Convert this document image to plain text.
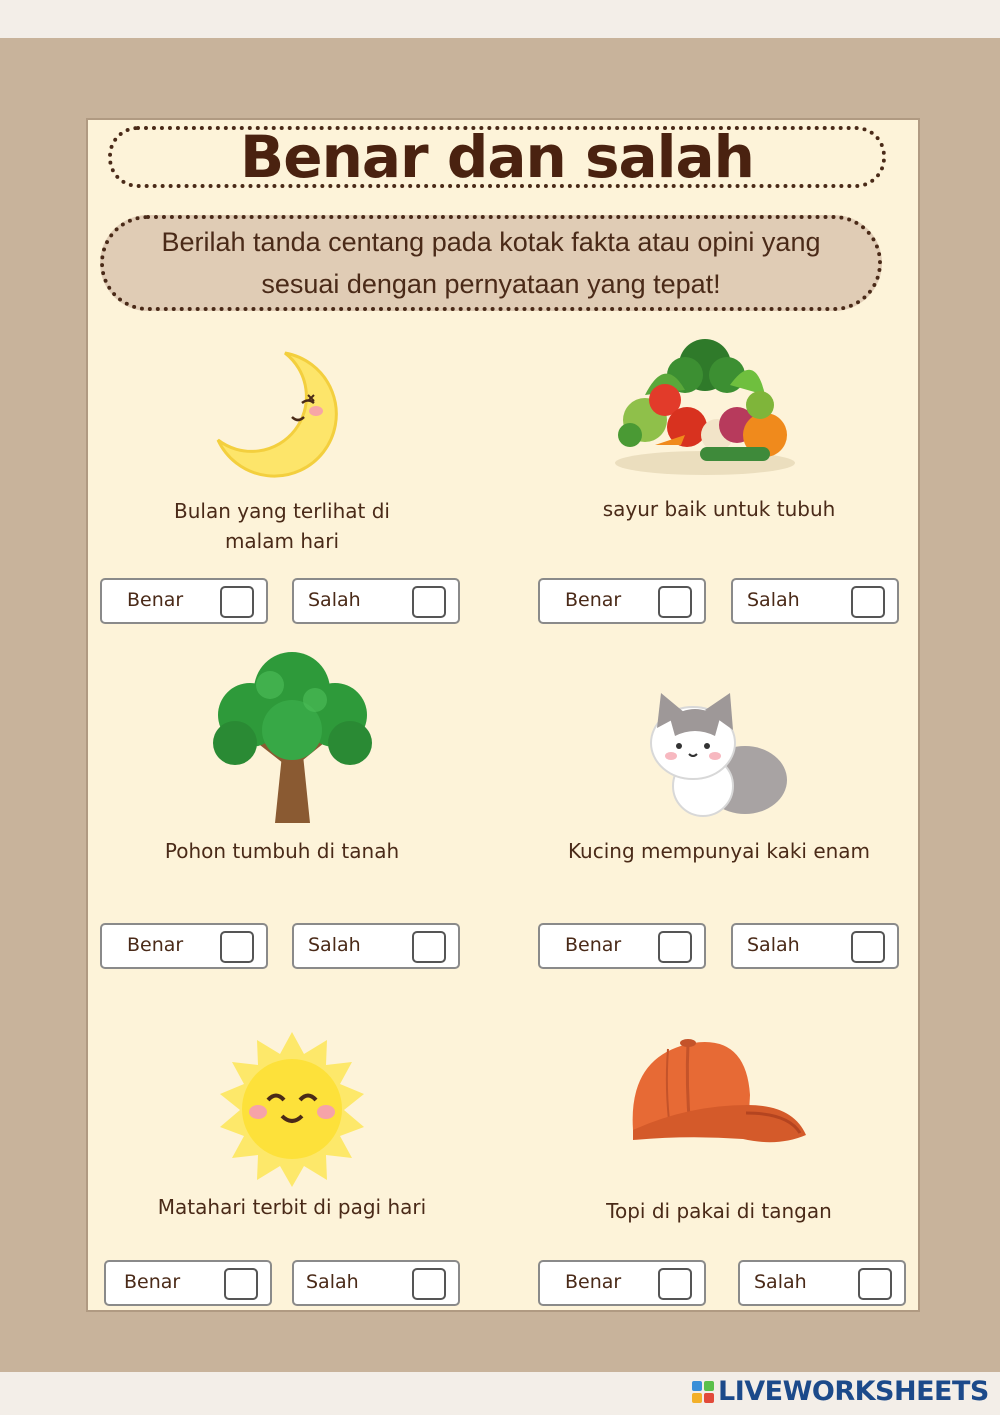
Benar dan salah
Berilah tanda centang pada kotak fakta atau opini yang sesuai dengan pernyataan yang tepat!
Bulan yang terlihat di malam hari
Benar	Salah
sayur baik untuk tubuh
Benar	Salah
Pohon tumbuh di tanah
Benar	Salah
Kucing mempunyai kaki enam
Benar	Salah
Matahari terbit di pagi hari
Benar	Salah
Topi di pakai di tangan
Benar	Salah
LIVEWORKSHEETS
